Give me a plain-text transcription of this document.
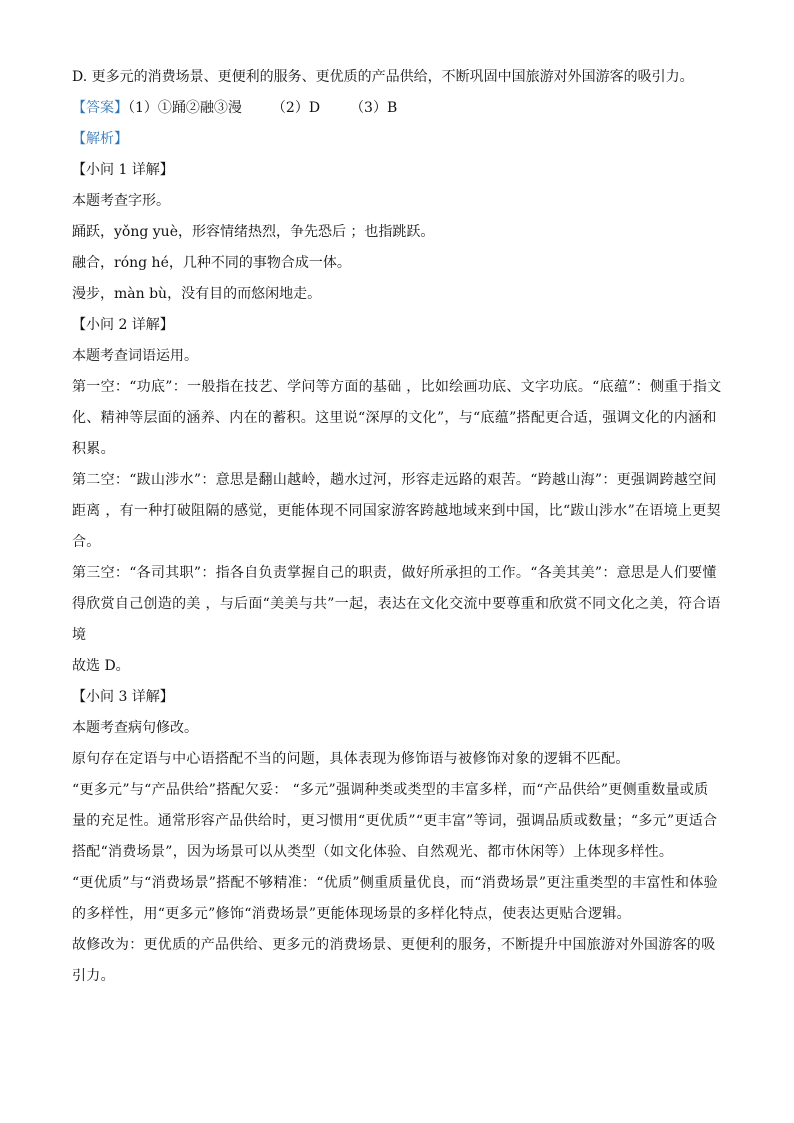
D. 更多元的消费场景、更便利的服务、更优质的产品供给，不断巩固中国旅游对外国游客的吸引力。
【答案】（1）①踊②融③漫 （2）D （3）B
【解析】
【小问 1 详解】
本题考查字形。
踊跃，yǒng yuè，形容情绪热烈，争先恐后 ；也指跳跃。
融合，róng hé，几种不同的事物合成一体。
漫步，màn bù，没有目的而悠闲地走。
【小问 2 详解】
本题考查词语运用。
第一空：“功底”：一般指在技艺、学问等方面的基础 ，比如绘画功底、文字功底。“底蕴”：侧重于指文化、精神等层面的涵养、内在的蓄积。这里说“深厚的文化”，与“底蕴”搭配更合适，强调文化的内涵和积累。
第二空：“跋山涉水”：意思是翻山越岭，趟水过河，形容走远路的艰苦。“跨越山海”：更强调跨越空间距离 ，有一种打破阻隔的感觉，更能体现不同国家游客跨越地域来到中国，比“跋山涉水”在语境上更契合。
第三空：“各司其职”：指各自负责掌握自己的职责，做好所承担的工作。“各美其美”：意思是人们要懂得欣赏自己创造的美 ，与后面“美美与共”一起，表达在文化交流中要尊重和欣赏不同文化之美，符合语境
故选 D。
【小问 3 详解】
本题考查病句修改。
原句存在定语与中心语搭配不当的问题，具体表现为修饰语与被修饰对象的逻辑不匹配。
“更多元”与“产品供给”搭配欠妥： “多元”强调种类或类型的丰富多样，而“产品供给”更侧重数量或质量的充足性。通常形容产品供给时，更习惯用“更优质”“更丰富”等词，强调品质或数量；“多元”更适合搭配“消费场景”，因为场景可以从类型（如文化体验、自然观光、都市休闲等）上体现多样性。
“更优质”与“消费场景”搭配不够精准：“优质”侧重质量优良，而“消费场景”更注重类型的丰富性和体验的多样性，用“更多元”修饰“消费场景”更能体现场景的多样化特点，使表达更贴合逻辑。
故修改为：更优质的产品供给、更多元的消费场景、更便利的服务，不断提升中国旅游对外国游客的吸引力。
